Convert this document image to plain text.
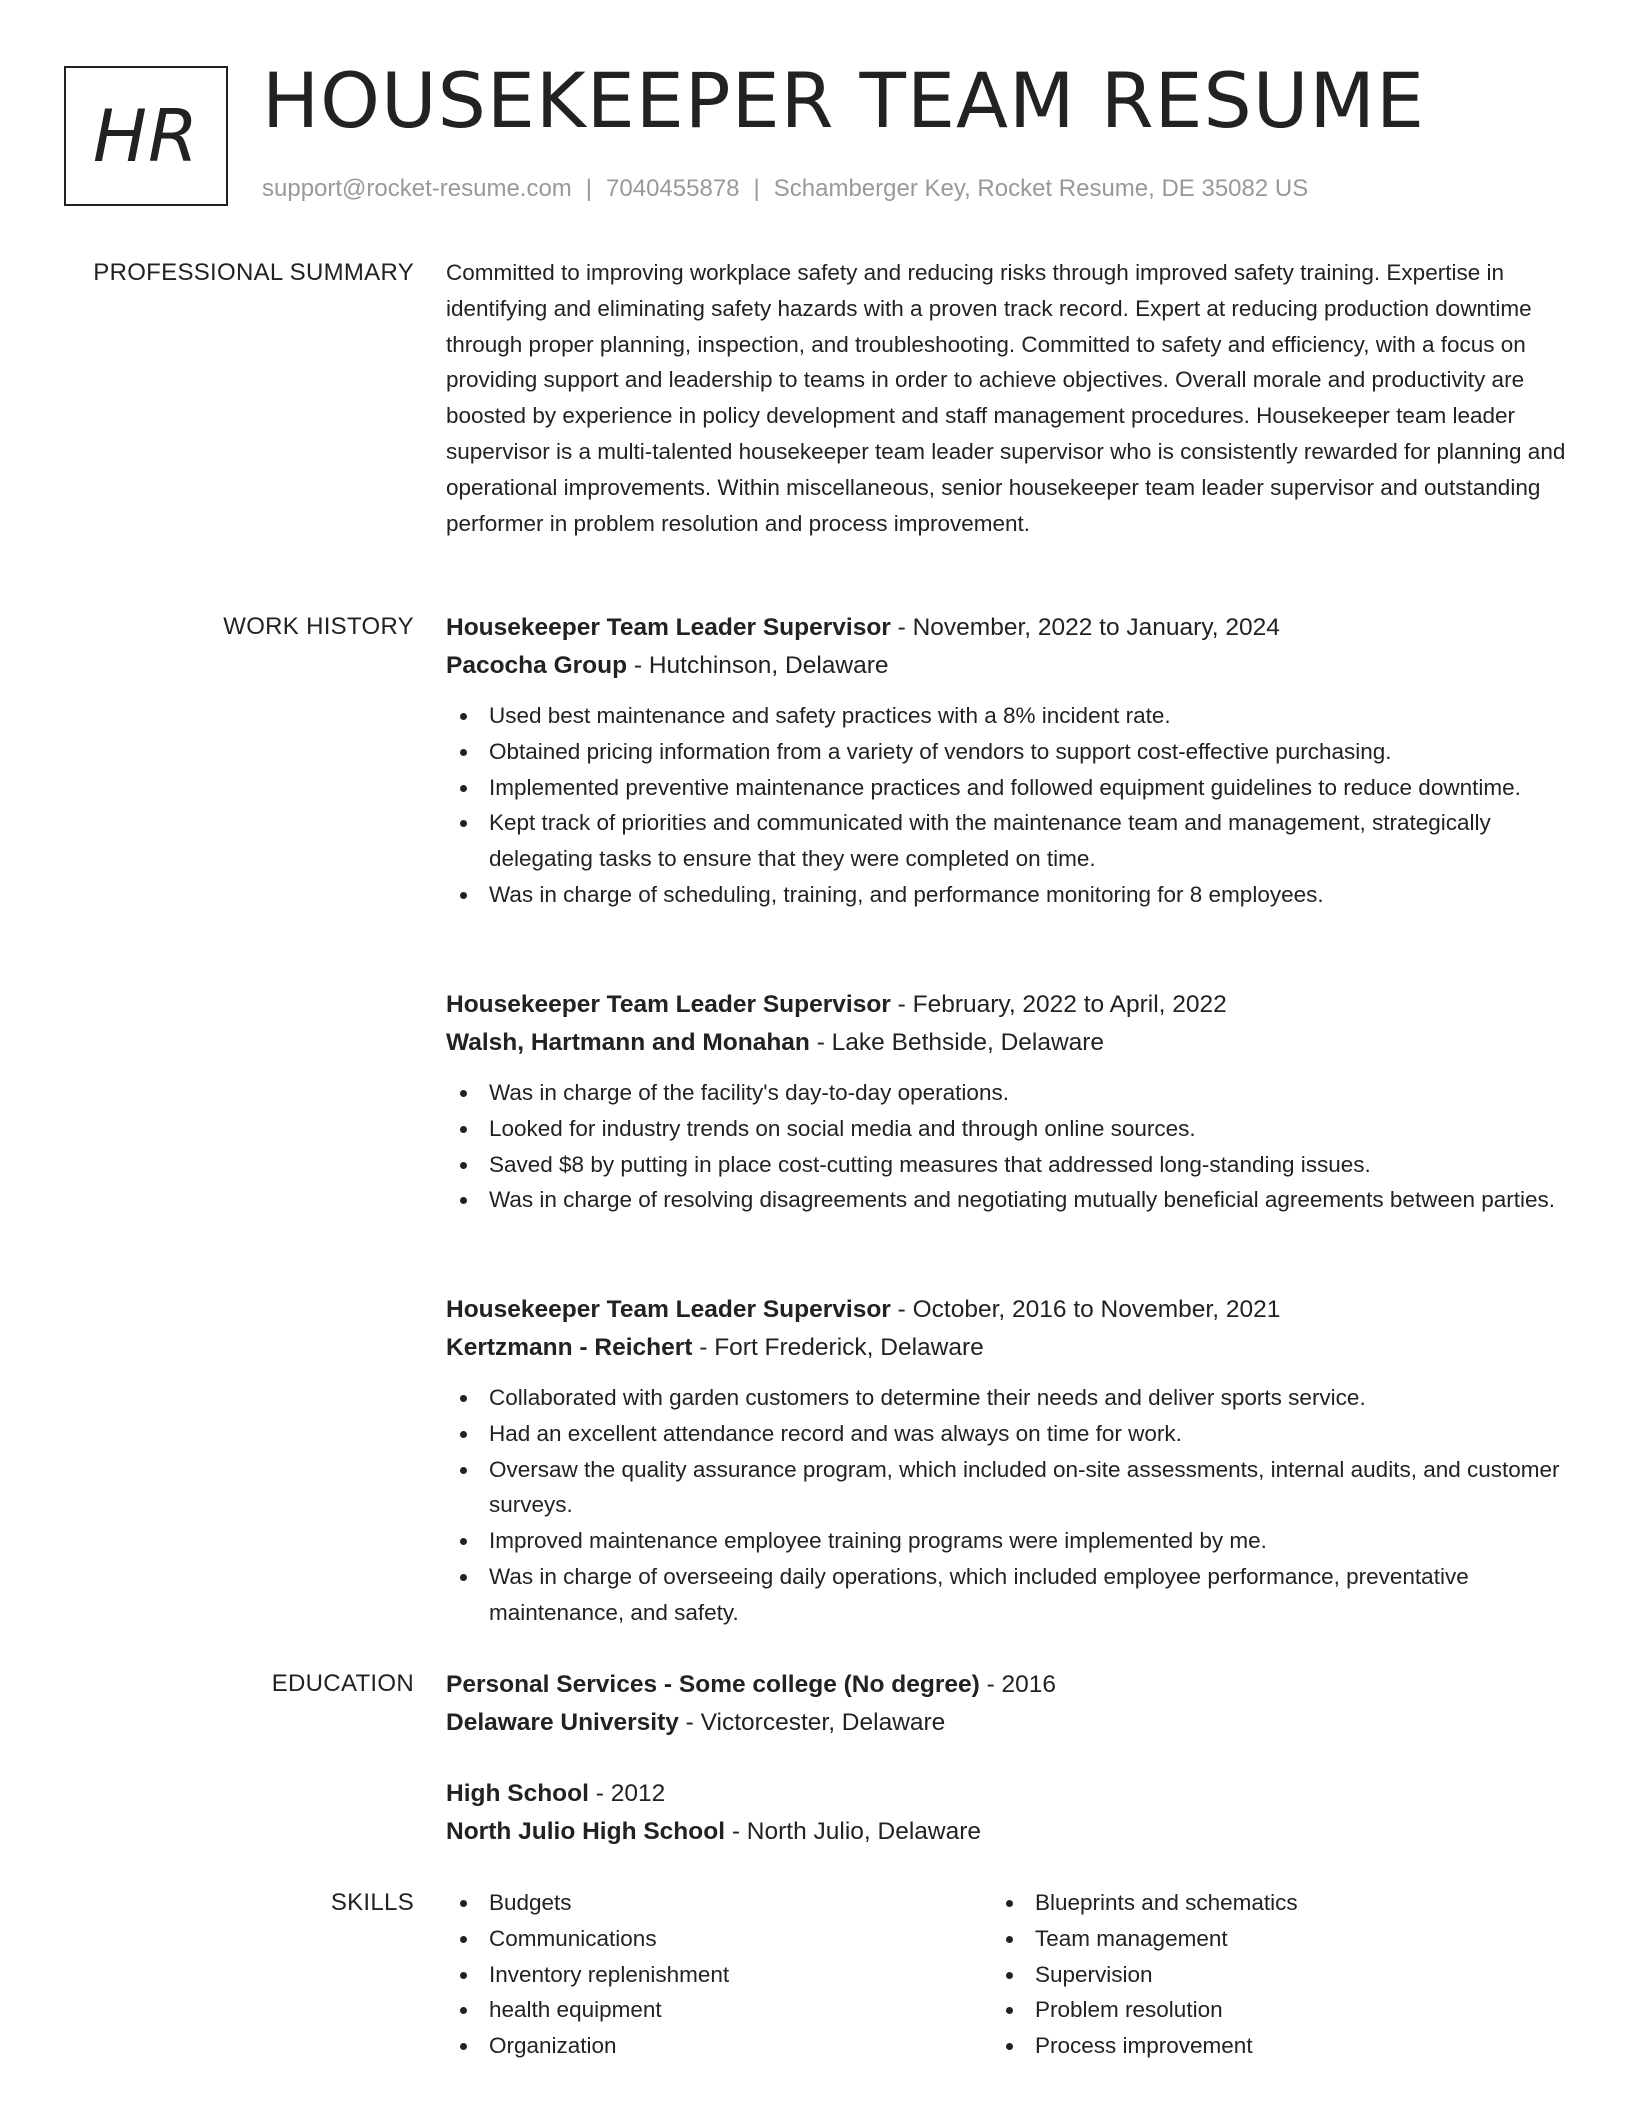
HR HOUSEKEEPER TEAM RESUME
support@rocket-resume.com | 7040455878 | Schamberger Key, Rocket Resume, DE 35082 US
PROFESSIONAL SUMMARY Committed to improving workplace safety and reducing risks through improved safety training. Expertise in identifying and eliminating safety hazards with a proven track record. Expert at reducing production downtime through proper planning, inspection, and troubleshooting. Committed to safety and efficiency, with a focus on providing support and leadership to teams in order to achieve objectives. Overall morale and productivity are boosted by experience in policy development and staff management procedures. Housekeeper team leader supervisor is a multi-talented housekeeper team leader supervisor who is consistently rewarded for planning and operational improvements. Within miscellaneous, senior housekeeper team leader supervisor and outstanding performer in problem resolution and process improvement.

WORK HISTORY Housekeeper Team Leader Supervisor - November, 2022 to January, 2024
Pacocha Group - Hutchinson, Delaware
Used best maintenance and safety practices with a 8% incident rate.
Obtained pricing information from a variety of vendors to support cost-effective purchasing.
Implemented preventive maintenance practices and followed equipment guidelines to reduce downtime.
Kept track of priorities and communicated with the maintenance team and management, strategically delegating tasks to ensure that they were completed on time.
Was in charge of scheduling, training, and performance monitoring for 8 employees.
Housekeeper Team Leader Supervisor - February, 2022 to April, 2022
Walsh, Hartmann and Monahan - Lake Bethside, Delaware
Was in charge of the facility's day-to-day operations.
Looked for industry trends on social media and through online sources.
Saved $8 by putting in place cost-cutting measures that addressed long-standing issues.
Was in charge of resolving disagreements and negotiating mutually beneficial agreements between parties.
Housekeeper Team Leader Supervisor - October, 2016 to November, 2021
Kertzmann - Reichert - Fort Frederick, Delaware
Collaborated with garden customers to determine their needs and deliver sports service.
Had an excellent attendance record and was always on time for work.
Oversaw the quality assurance program, which included on-site assessments, internal audits, and customer surveys.
Improved maintenance employee training programs were implemented by me.
Was in charge of overseeing daily operations, which included employee performance, preventative maintenance, and safety.
EDUCATION Personal Services - Some college (No degree) - 2016
Delaware University - Victorcester, Delaware
High School - 2012
North Julio High School - North Julio, Delaware
SKILLS	Budgets
Communications
Inventory replenishment
health equipment
Organization
Blueprints and schematics
Team management
Supervision
Problem resolution
Process improvement
